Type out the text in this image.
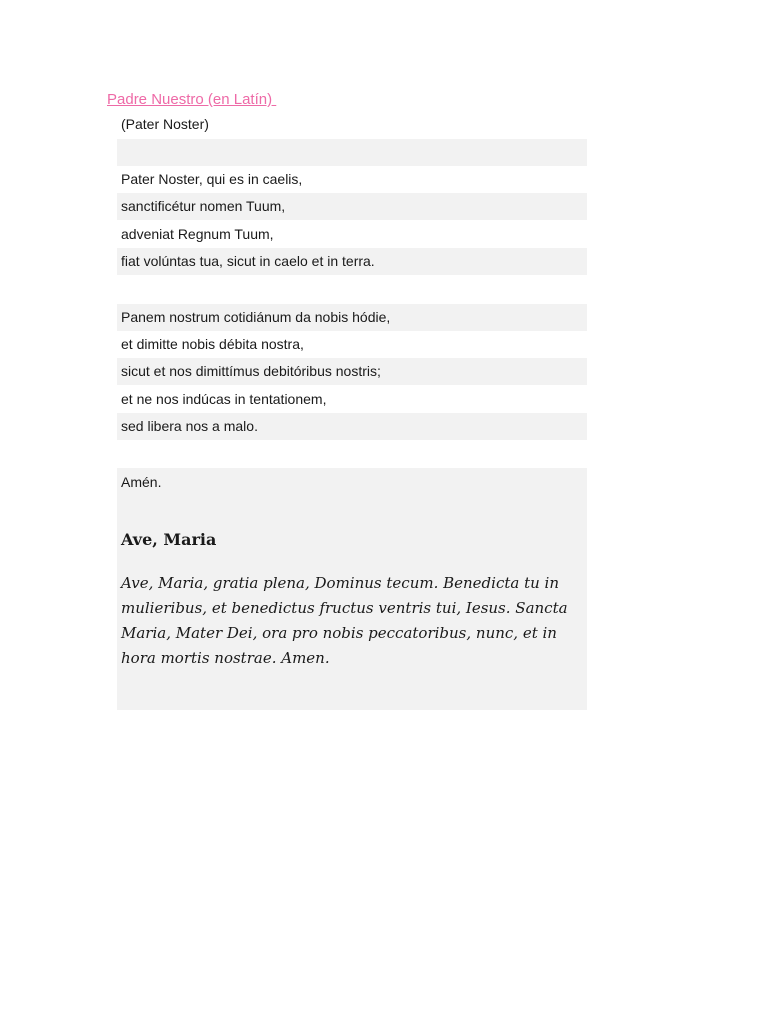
Padre Nuestro (en Latín)
(Pater Noster)
Pater Noster, qui es in caelis,
sanctificétur nomen Tuum,
adveniat Regnum Tuum,
fiat volúntas tua, sicut in caelo et in terra.
Panem nostrum cotidiánum da nobis hódie,
et dimitte nobis débita nostra,
sicut et nos dimittímus debitóribus nostris;
et ne nos indúcas in tentationem,
sed libera nos a malo.
Amén.
Ave, Maria
Ave, Maria, gratia plena, Dominus tecum. Benedicta tu in mulieribus, et benedictus fructus ventris tui, Iesus. Sancta Maria, Mater Dei, ora pro nobis peccatoribus, nunc, et in hora mortis nostrae. Amen.
